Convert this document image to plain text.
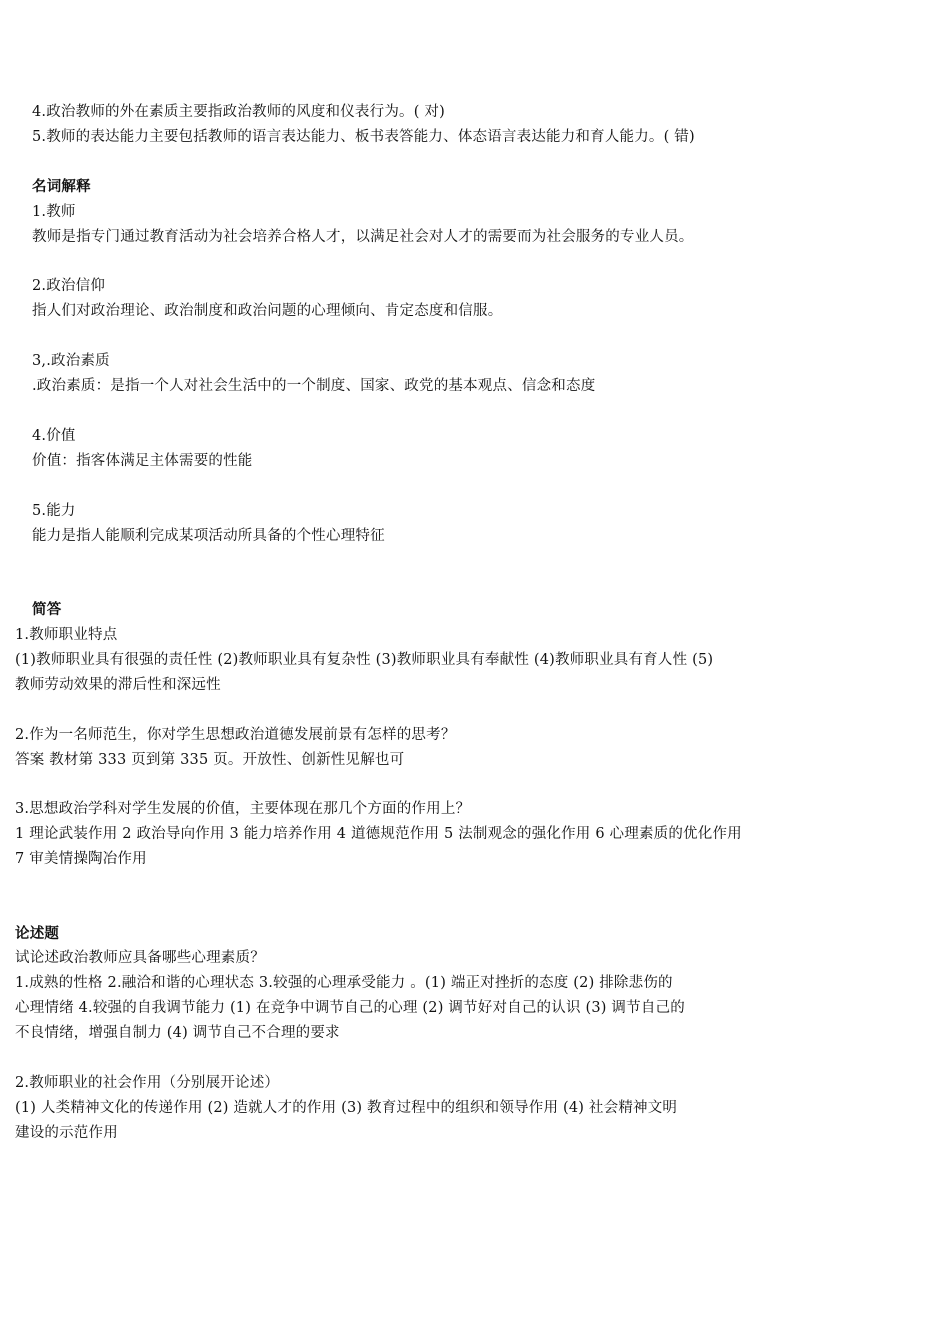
4.政治教师的外在素质主要指政治教师的风度和仪表行为。( 对)
5.教师的表达能力主要包括教师的语言表达能力、板书表答能力、体态语言表达能力和育人能力。( 错)
名词解释
1.教师
教师是指专门通过教育活动为社会培养合格人才，以满足社会对人才的需要而为社会服务的专业人员。
2.政治信仰
指人们对政治理论、政治制度和政治问题的心理倾向、肯定态度和信服。
3,.政治素质
.政治素质：是指一个人对社会生活中的一个制度、国家、政党的基本观点、信念和态度
4.价值
价值：指客体满足主体需要的性能
5.能力
能力是指人能顺利完成某项活动所具备的个性心理特征
简答
1.教师职业特点
(1)教师职业具有很强的责任性 (2)教师职业具有复杂性 (3)教师职业具有奉献性 (4)教师职业具有育人性 (5)
教师劳动效果的滞后性和深远性
2.作为一名师范生，你对学生思想政治道德发展前景有怎样的思考？
答案 教材第 333 页到第 335 页。开放性、创新性见解也可
3.思想政治学科对学生发展的价值，主要体现在那几个方面的作用上？
1 理论武装作用 2 政治导向作用 3 能力培养作用 4 道德规范作用 5 法制观念的强化作用 6 心理素质的优化作用
7 审美情操陶冶作用
论述题
试论述政治教师应具备哪些心理素质？
1.成熟的性格 2.融洽和谐的心理状态 3.较强的心理承受能力 。(1) 端正对挫折的态度 (2) 排除悲伤的
心理情绪 4.较强的自我调节能力 (1) 在竞争中调节自己的心理 (2) 调节好对自己的认识 (3) 调节自己的
不良情绪，增强自制力 (4) 调节自己不合理的要求
2.教师职业的社会作用（分别展开论述）
(1) 人类精神文化的传递作用 (2) 造就人才的作用 (3) 教育过程中的组织和领导作用 (4) 社会精神文明
建设的示范作用
